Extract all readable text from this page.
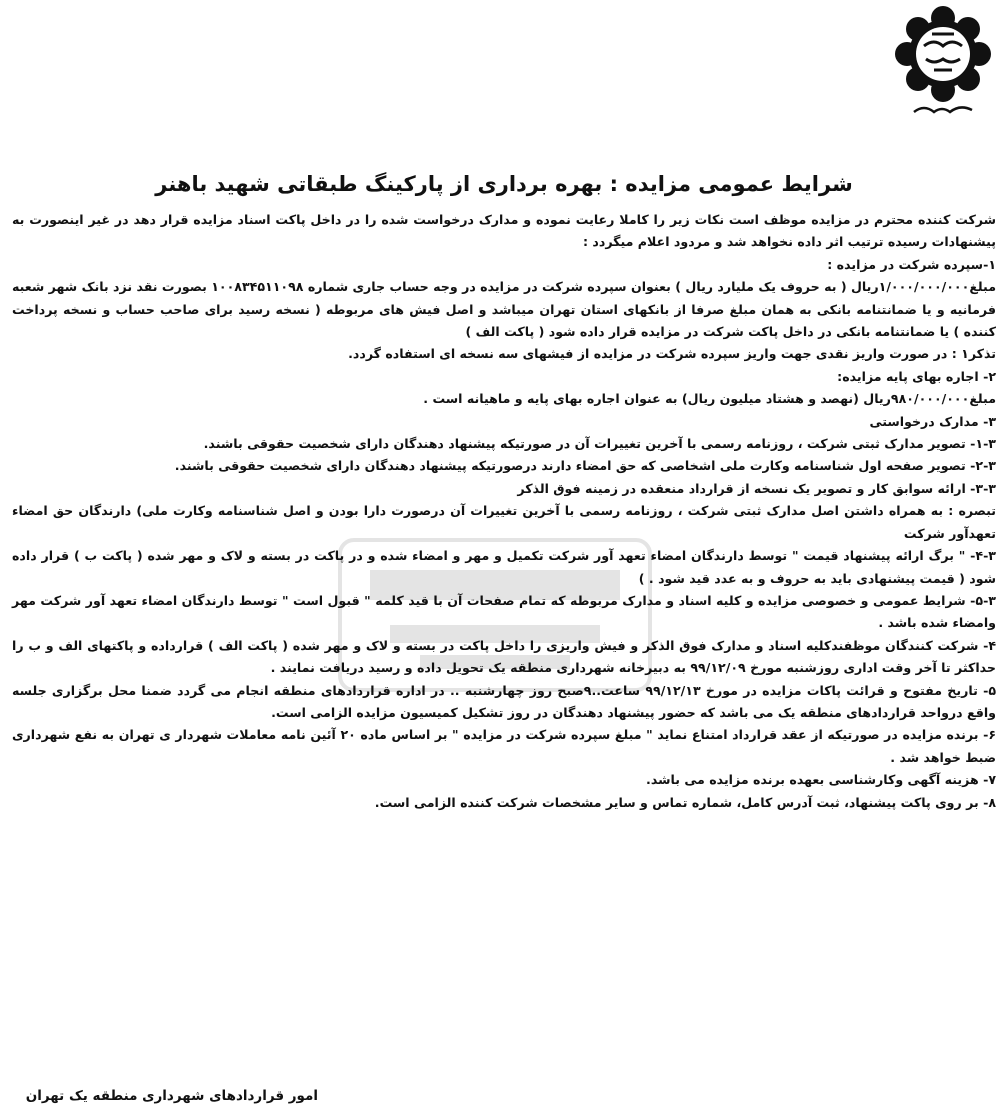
شرایط عمومی مزایده : بهره برداری از پارکینگ طبقاتی شهید باهنر

شرکت کننده محترم در مزایده موظف است نکات زیر را کاملا رعایت نموده و مدارک درخواست شده را در داخل پاکت اسناد مزایده قرار دهد در غیر اینصورت به پیشنهادات رسیده ترتیب اثر داده نخواهد شد و مردود اعلام میگردد :

۱-سپرده شرکت در مزایده :

مبلغ۱/۰۰۰/۰۰۰/۰۰۰ریال ( به حروف یک ملیارد ریال ) بعنوان سپرده شرکت در مزایده در وجه حساب جاری شماره ۱۰۰۸۳۴۵۱۱۰۹۸ بصورت نقد نزد بانک شهر شعبه فرمانیه و یا ضمانتنامه بانکی به همان مبلغ صرفا از بانکهای استان تهران میباشد و اصل فیش های مربوطه ( نسخه رسید برای صاحب حساب و نسخه پرداخت کننده ) یا ضمانتنامه بانکی در داخل پاکت شرکت در مزایده قرار داده شود ( پاکت الف )

تذکر۱ : در صورت واریز نقدی جهت واریز سپرده شرکت در مزایده از فیشهای سه نسخه ای استفاده گردد.

۲- اجاره بهای پایه مزایده:

مبلغ۹۸۰/۰۰۰/۰۰۰ریال (نهصد و هشتاد میلیون ریال) به عنوان اجاره بهای پایه و ماهیانه است .

۳- مدارک درخواستی

۱-۳- تصویر مدارک ثبتی شرکت ، روزنامه رسمی با آخرین تغییرات آن در صورتیکه پیشنهاد دهندگان دارای شخصیت حقوقی باشند.

۲-۳- تصویر صفحه اول شناسنامه وکارت ملی اشخاصی که حق امضاء دارند درصورتیکه پیشنهاد دهندگان دارای شخصیت حقوقی باشند.

۳-۳- ارائه سوابق کار و تصویر یک نسخه از قرارداد منعقده در زمینه فوق الذکر

تبصره : به همراه داشتن اصل مدارک ثبتی شرکت ، روزنامه رسمی با آخرین تغییرات آن درصورت دارا بودن و اصل شناسنامه وکارت ملی) دارندگان حق امضاء تعهدآور شرکت

۴-۳- " برگ ارائه پیشنهاد قیمت " توسط دارندگان امضاء تعهد آور شرکت تکمیل و مهر و امضاء شده و در پاکت در بسته و لاک و مهر شده ( پاکت ب ) قرار داده شود ( قیمت پیشنهادی باید به حروف و به عدد قید شود . )

۵-۳- شرایط عمومی و خصوصی مزایده و کلیه اسناد و مدارک مربوطه که تمام صفحات آن با قید کلمه " قبول است " توسط دارندگان امضاء تعهد آور شرکت مهر وامضاء شده باشد .

۴- شرکت کنندگان موظفندکلیه اسناد و مدارک فوق الذکر و فیش واریزی را داخل پاکت در بسته و لاک و مهر شده ( پاکت الف ) قرارداده و پاکتهای الف و ب را حداکثر تا آخر وقت اداری روزشنبه مورخ ۹۹/۱۲/۰۹ به دبیرخانه شهرداری منطقه یک تحویل داده و رسید دریافت نمایند .

۵- تاریخ مفتوح و قرائت پاکات مزایده در مورخ ۹۹/۱۲/۱۳ ساعت..۹صبح روز چهارشنبه .. در اداره قراردادهای منطقه انجام می گردد ضمنا محل برگزاری جلسه واقع درواحد قراردادهای منطقه یک می باشد که حضور پیشنهاد دهندگان در روز تشکیل کمیسیون مزایده الزامی است.

۶- برنده مزایده در صورتیکه از عقد قرارداد امتناع نماید " مبلغ سپرده شرکت در مزایده " بر اساس ماده ۲۰ آئین نامه معاملات شهردار ی تهران به نفع شهرداری ضبط خواهد شد .

۷- هزینه آگهی وکارشناسی بعهده برنده مزایده می باشد.

۸- بر روی پاکت پیشنهاد، ثبت آدرس کامل، شماره تماس و سایر مشخصات شرکت کننده الزامی است.

امور قراردادهای شهرداری منطقه یک تهران
